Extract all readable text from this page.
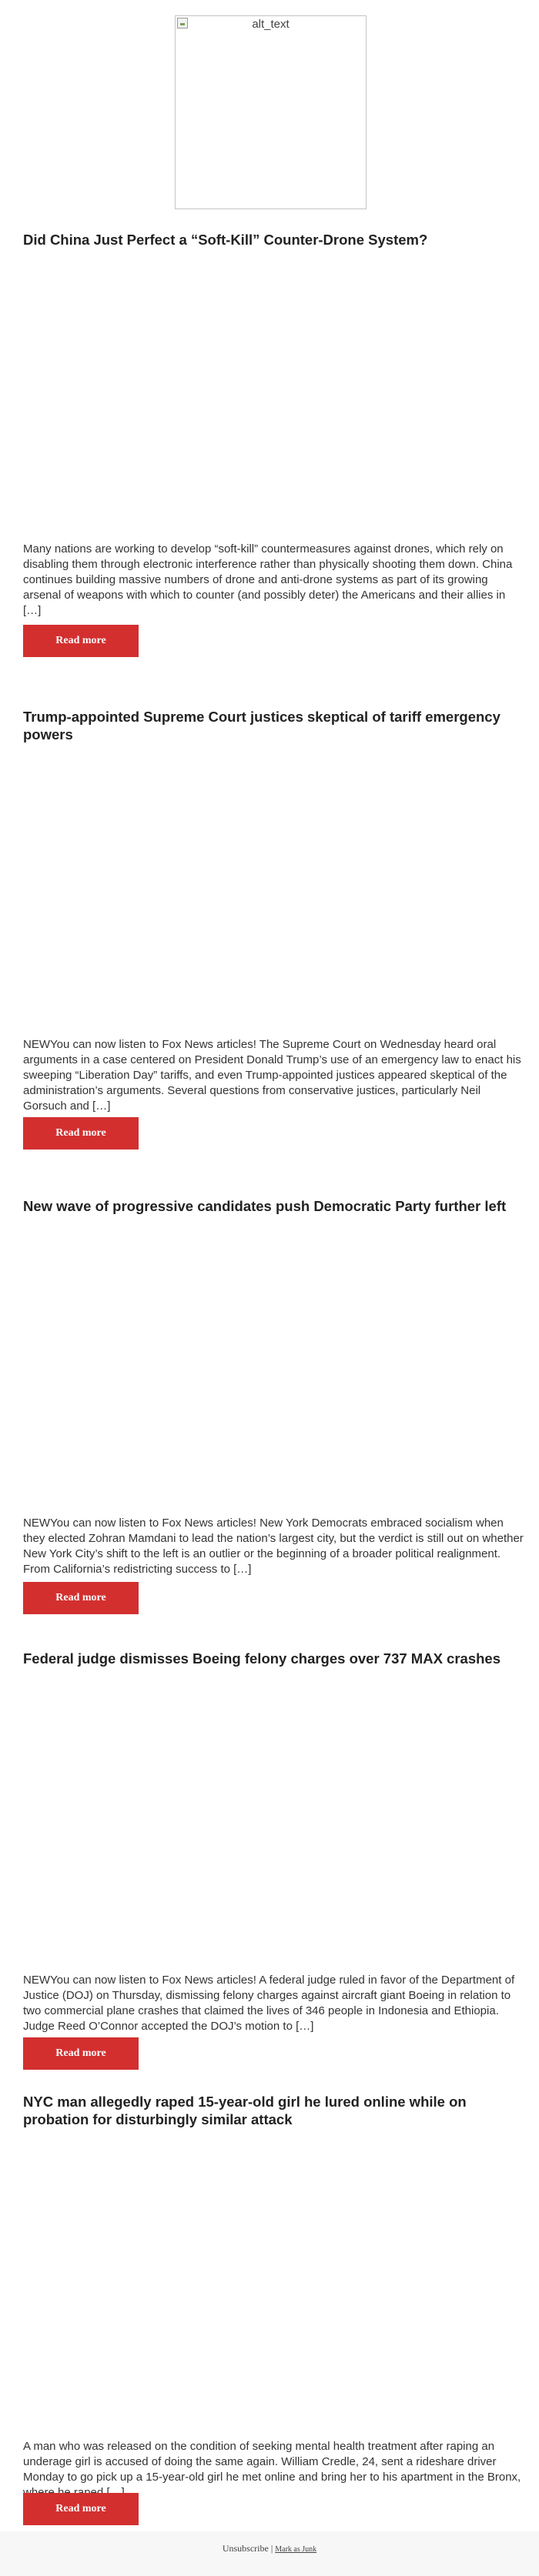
alt_text
Did China Just Perfect a “Soft-Kill” Counter-Drone System?

Many nations are working to develop “soft-kill” countermeasures against drones, which rely on disabling them through electronic interference rather than physically shooting them down. China continues building massive numbers of drone and anti-drone systems as part of its growing arsenal of weapons with which to counter (and possibly deter) the Americans and their allies in […]

Read more
Trump-appointed Supreme Court justices skeptical of tariff emergency powers

NEWYou can now listen to Fox News articles! The Supreme Court on Wednesday heard oral arguments in a case centered on President Donald Trump’s use of an emergency law to enact his sweeping “Liberation Day” tariffs, and even Trump-appointed justices appeared skeptical of the administration’s arguments. Several questions from conservative justices, particularly Neil Gorsuch and […]

Read more
New wave of progressive candidates push Democratic Party further left

NEWYou can now listen to Fox News articles! New York Democrats embraced socialism when they elected Zohran Mamdani to lead the nation’s largest city, but the verdict is still out on whether New York City’s shift to the left is an outlier or the beginning of a broader political realignment. From California’s redistricting success to […]

Read more
Federal judge dismisses Boeing felony charges over 737 MAX crashes

NEWYou can now listen to Fox News articles! A federal judge ruled in favor of the Department of Justice (DOJ) on Thursday, dismissing felony charges against aircraft giant Boeing in relation to two commercial plane crashes that claimed the lives of 346 people in Indonesia and Ethiopia. Judge Reed O’Connor accepted the DOJ’s motion to […]

Read more
NYC man allegedly raped 15-year-old girl he lured online while on probation for disturbingly similar attack

A man who was released on the condition of seeking mental health treatment after raping an underage girl is accused of doing the same again. William Credle, 24, sent a rideshare driver Monday to go pick up a 15-year-old girl he met online and bring her to his apartment in the Bronx,

Read more
Unsubscribe | Mark as Junk
